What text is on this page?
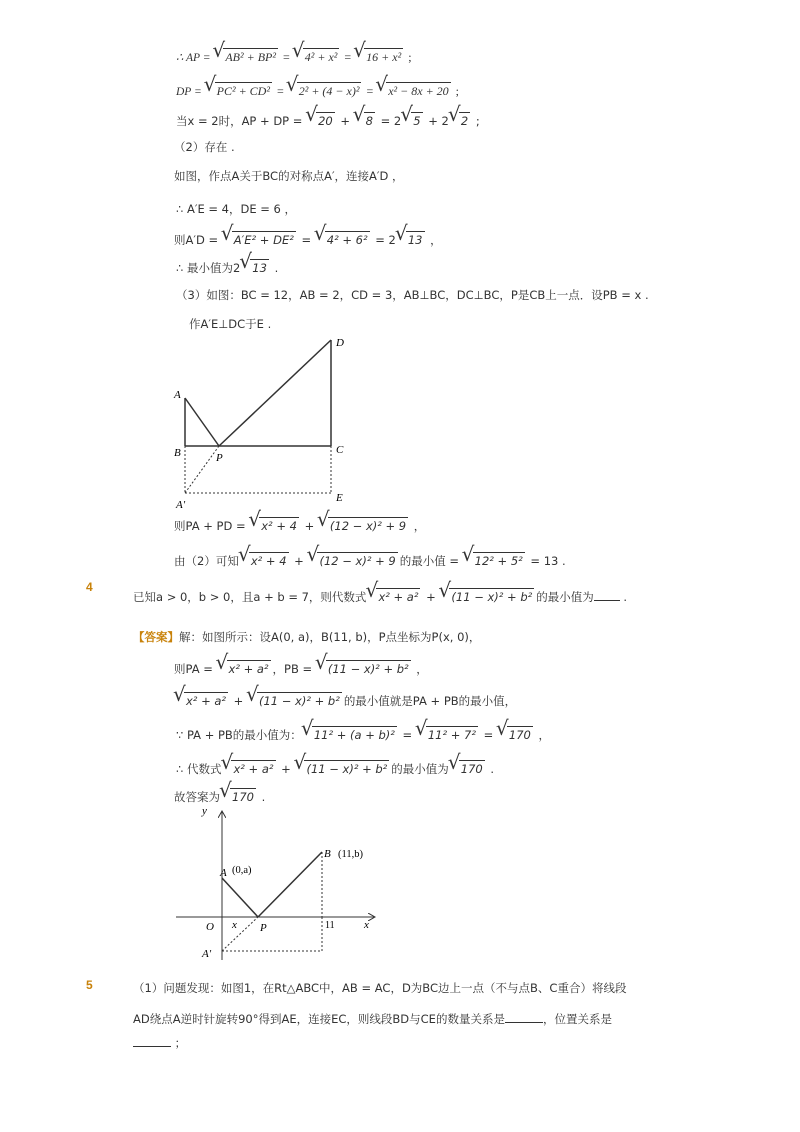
∴ AP = √ AB² + BP² = √ 4² + x² = √ 16 + x² ;
DP = √ PC² + CD² = √ 2² + (4 − x)² = √ x² − 8x + 20 ;
当x = 2时，AP + DP = √ 20 + √ 8 = 2 √ 5 + 2 √ 2 ;
（2）存在 .
如图，作点A关于BC的对称点A′，连接A′D ，
∴ A′E = 4，DE = 6 ，
则A′D = √ A′E² + DE² = √ 4² + 6² = 2 √ 13 ，
∴ 最小值为2 √ 13 .
（3）如图：BC = 12，AB = 2，CD = 3，AB⊥BC，DC⊥BC，P是CB上一点．设PB = x .
作A′E⊥DC于E .
A
B	C
D
P
A′
E
则PA + PD = √ x² + 4 + √ (12 − x)² + 9 ，
由（2）可知 √ x² + 4 + √ (12 − x)² + 9 的最小值 = √ 12² + 5² = 13 .
4
已知a > 0，b > 0，且a + b = 7，则代数式 √ x² + a² + √ (11 − x)² + b² 的最小值为 .
【答案】解：如图所示：设A(0, a)，B(11, b)，P点坐标为P(x, 0)，
则PA = √ x² + a² ，PB = √ (11 − x)² + b² ，
√ x² + a² + √ (11 − x)² + b² 的最小值就是PA + PB的最小值，
∵ PA + PB的最小值为： √ 11² + (a + b)² = √ 11² + 7² = √ 170 ，
∴ 代数式 √ x² + a² + √ (11 − x)² + b² 的最小值为 √ 170 .
故答案为 √ 170 .
y
x
O x P
A (0,a)
B (11,b)
11
A′
5	（1）问题发现：如图1，在Rt△ABC中，AB = AC，D为BC边上一点（不与点B、C重合）将线段
AD绕点A逆时针旋转90°得到AE，连接EC，则线段BD与CE的数量关系是	，位置关系是
；
